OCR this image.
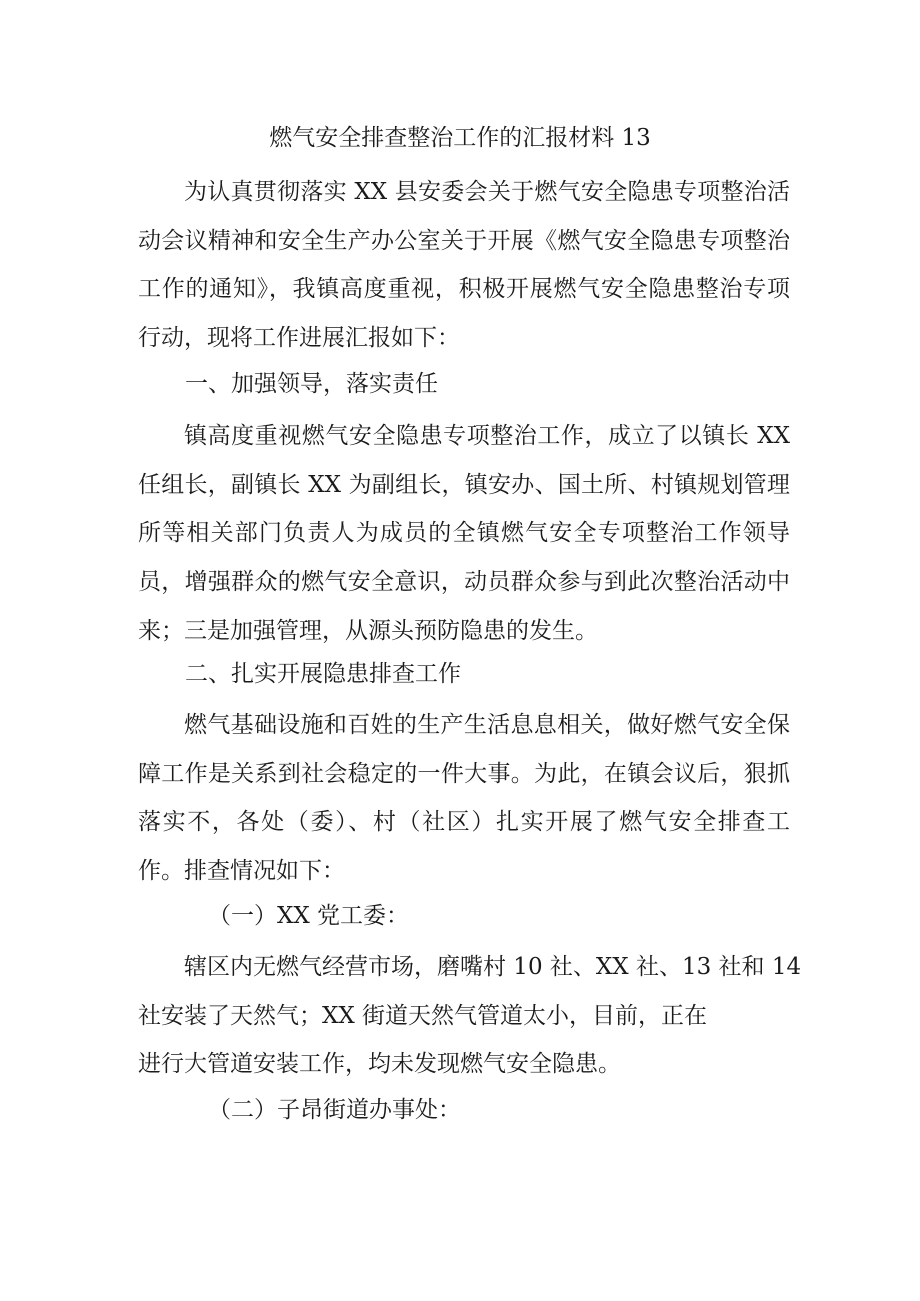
燃气安全排查整治工作的汇报材料 13

为认真贯彻落实 XX 县安委会关于燃气安全隐患专项整治活动会议精神和安全生产办公室关于开展《燃气安全隐患专项整治工作的通知》，我镇高度重视，积极开展燃气安全隐患整治专项行动，现将工作进展汇报如下：

一、加强领导，落实责任

镇高度重视燃气安全隐患专项整治工作，成立了以镇长 XX 任组长，副镇长 XX 为副组长，镇安办、国土所、村镇规划管理所等相关部门负责人为成员的全镇燃气安全专项整治工作领导员，增强群众的燃气安全意识，动员群众参与到此次整治活动中来；三是加强管理，从源头预防隐患的发生。

二、扎实开展隐患排查工作

燃气基础设施和百姓的生产生活息息相关，做好燃气安全保障工作是关系到社会稳定的一件大事。为此，在镇会议后，狠抓落实不，各处（委）、村（社区）扎实开展了燃气安全排查工作。排查情况如下：

（一）XX 党工委：

辖区内无燃气经营市场，磨嘴村 10 社、XX 社、13 社和 14
社安装了天然气；XX 街道天然气管道太小，目前，正在
进行大管道安装工作，均未发现燃气安全隐患。

（二）子昂街道办事处：
